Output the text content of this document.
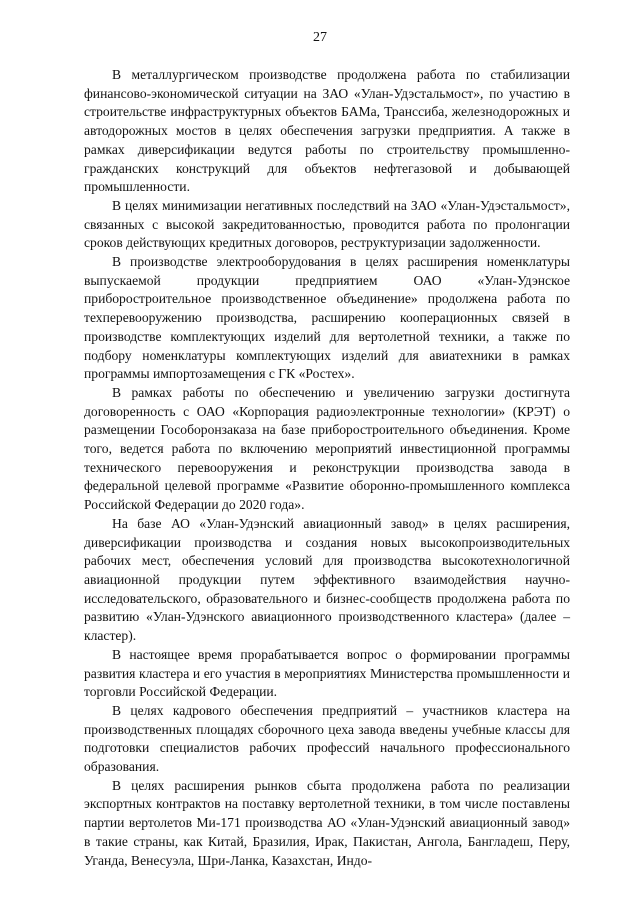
27

В металлургическом производстве продолжена работа по стабилизации финансово-экономической ситуации на ЗАО «Улан-Удэстальмост», по участию в строительстве инфраструктурных объектов БАМа, Транссиба, железнодорожных и автодорожных мостов в целях обеспечения загрузки предприятия. А также в рамках диверсификации ведутся работы по строительству промышленно-гражданских конструкций для объектов нефтегазовой и добывающей промышленности.

В целях минимизации негативных последствий на ЗАО «Улан-Удэстальмост», связанных с высокой закредитованностью, проводится работа по пролонгации сроков действующих кредитных договоров, реструктуризации задолженности.

В производстве электрооборудования в целях расширения номенклатуры выпускаемой продукции предприятием ОАО «Улан-Удэнское приборостроительное производственное объединение» продолжена работа по техперевооружению производства, расширению кооперационных связей в производстве комплектующих изделий для вертолетной техники, а также по подбору номенклатуры комплектующих изделий для авиатехники в рамках программы импортозамещения с ГК «Ростех».

В рамках работы по обеспечению и увеличению загрузки достигнута договоренность с ОАО «Корпорация радиоэлектронные технологии» (КРЭТ) о размещении Гособоронзаказа на базе приборостроительного объединения. Кроме того, ведется работа по включению мероприятий инвестиционной программы технического перевооружения и реконструкции производства завода в федеральной целевой программе «Развитие оборонно-промышленного комплекса Российской Федерации до 2020 года».

На базе АО «Улан-Удэнский авиационный завод» в целях расширения, диверсификации производства и создания новых высокопроизводительных рабочих мест, обеспечения условий для производства высокотехнологичной авиационной продукции путем эффективного взаимодействия научно-исследовательского, образовательного и бизнес-сообществ продолжена работа по развитию «Улан-Удэнского авиационного производственного кластера» (далее – кластер).

В настоящее время прорабатывается вопрос о формировании программы развития кластера и его участия в мероприятиях Министерства промышленности и торговли Российской Федерации.

В целях кадрового обеспечения предприятий – участников кластера на производственных площадях сборочного цеха завода введены учебные классы для подготовки специалистов рабочих профессий начального профессионального образования.

В целях расширения рынков сбыта продолжена работа по реализации экспортных контрактов на поставку вертолетной техники, в том числе поставлены партии вертолетов Ми-171 производства АО «Улан-Удэнский авиационный завод» в такие страны, как Китай, Бразилия, Ирак, Пакистан, Ангола, Бангладеш, Перу, Уганда, Венесуэла, Шри-Ланка, Казахстан, Индо-
